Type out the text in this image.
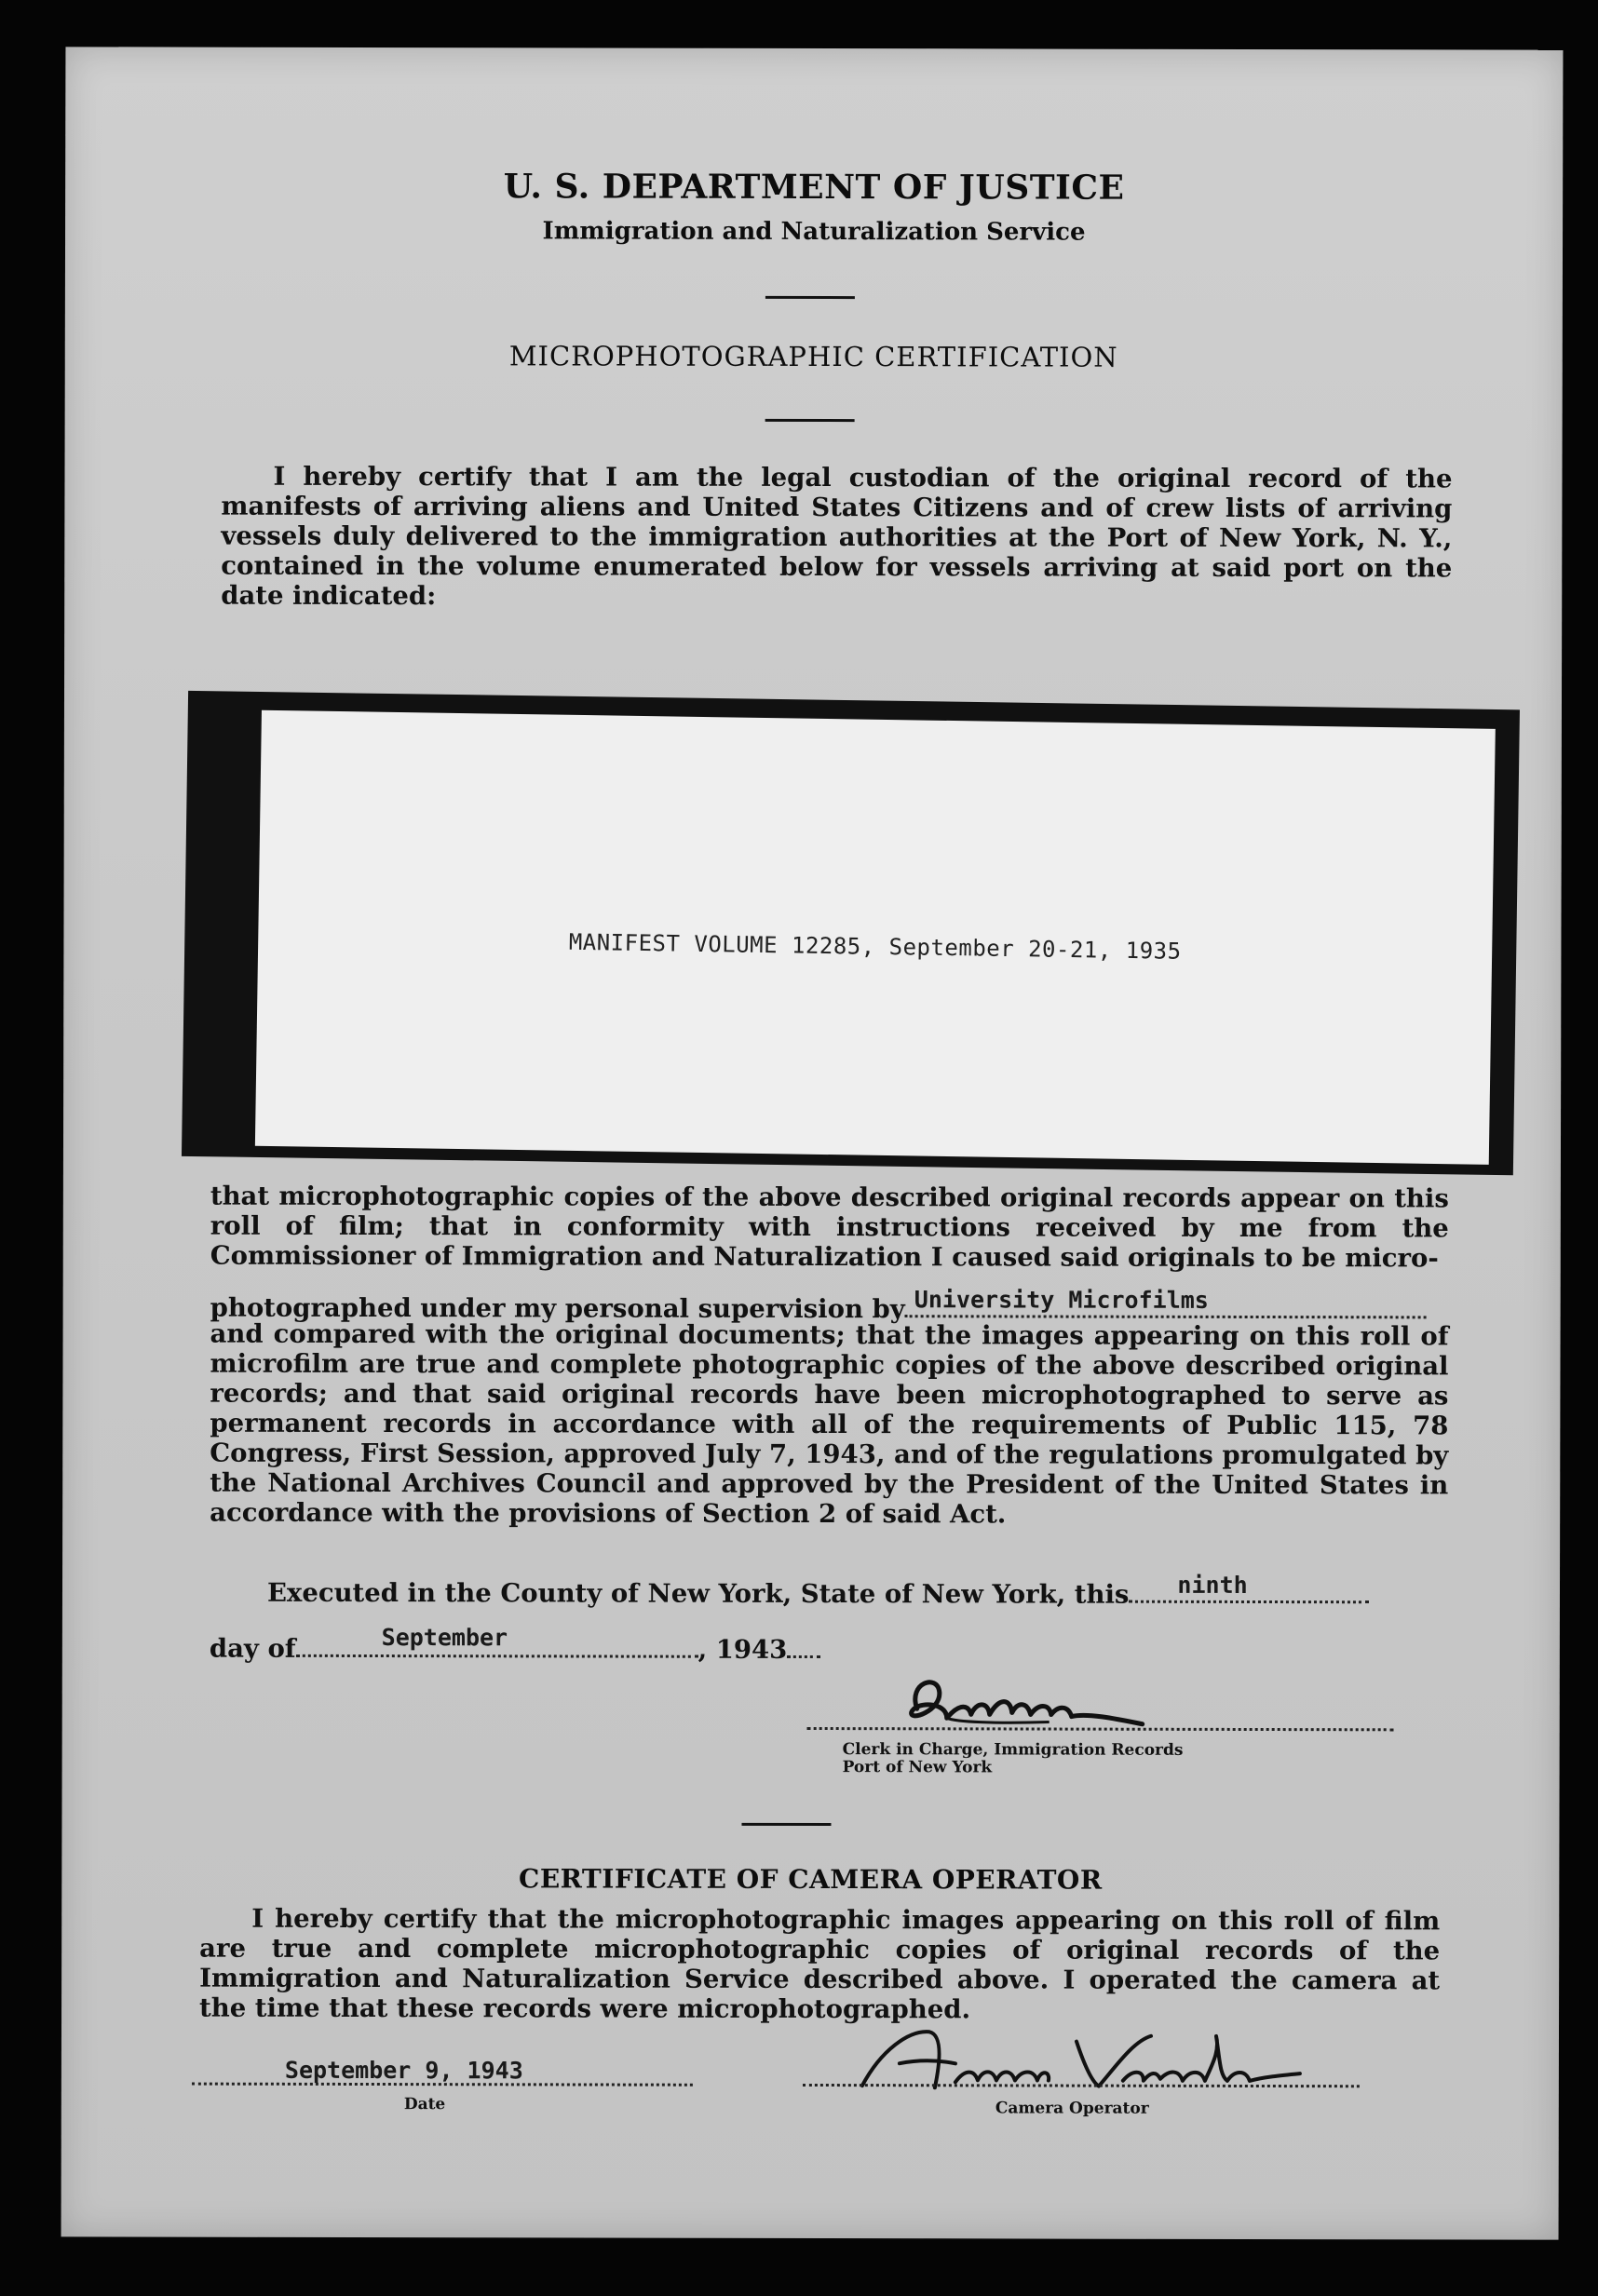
U. S. DEPARTMENT OF JUSTICE
Immigration and Naturalization Service
MICROPHOTOGRAPHIC CERTIFICATION
I hereby certify that I am the legal custodian of the original record of the manifests of arriving aliens and United States Citizens and of crew lists of arriving vessels duly delivered to the immigration authorities at the Port of New York, N. Y., contained in the volume enumerated below for vessels arriving at said port on the date indicated:
MANIFEST VOLUME 12285, September 20-21, 1935
that microphotographic copies of the above described original records appear on this roll of film; that in conformity with instructions received by me from the Commissioner of Immigration and Naturalization I caused said originals to be micro-
photographed under my personal supervision by University Microfilms
and compared with the original documents; that the images appearing on this roll of microfilm are true and complete photographic copies of the above described original records; and that said original records have been microphotographed to serve as permanent records in accordance with all of the requirements of Public 115, 78 Congress, First Session, approved July 7, 1943, and of the regulations promulgated by the National Archives Council and approved by the President of the United States in accordance with the provisions of Section 2 of said Act.
Executed in the County of New York, State of New York, this ninth
day of	September	, 1943
Clerk in Charge, Immigration Records
Port of New York
CERTIFICATE OF CAMERA OPERATOR
I hereby certify that the microphotographic images appearing on this roll of film are true and complete microphotographic copies of original records of the Immigration and Naturalization Service described above. I operated the camera at the time that these records were microphotographed.
September 9, 1943
Date	Camera Operator
